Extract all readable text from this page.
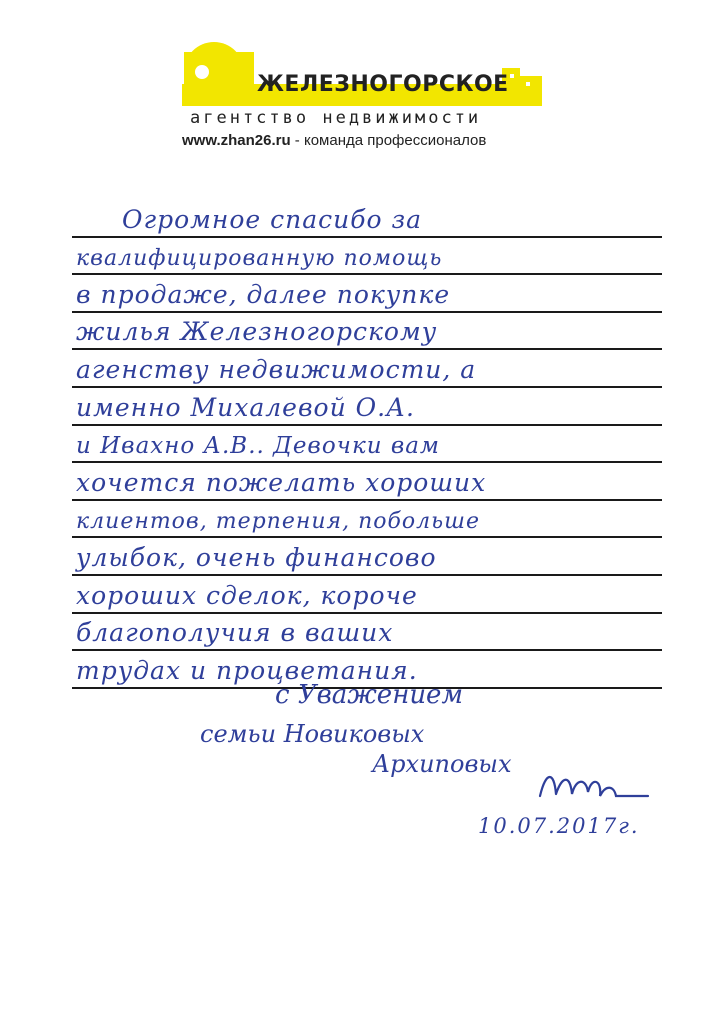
ЖЕЛЕЗНОГОРСКОЕ
агентство недвижимости
www.zhan26.ru - команда профессионалов
Огромное спасибо за
квалифицированную помощь
в продаже, далее покупке
жилья Железногорскому
агенству недвижимости, а
именно Михалевой О.А.
и Ивахно А.В.. Девочки вам
хочется пожелать хороших
клиентов, терпения, побольше
улыбок, очень финансово
хороших сделок, короче
благополучия в ваших
трудах и процветания.
с Уважением
семьи Новиковых
Архиповых
10.07.2017г.
